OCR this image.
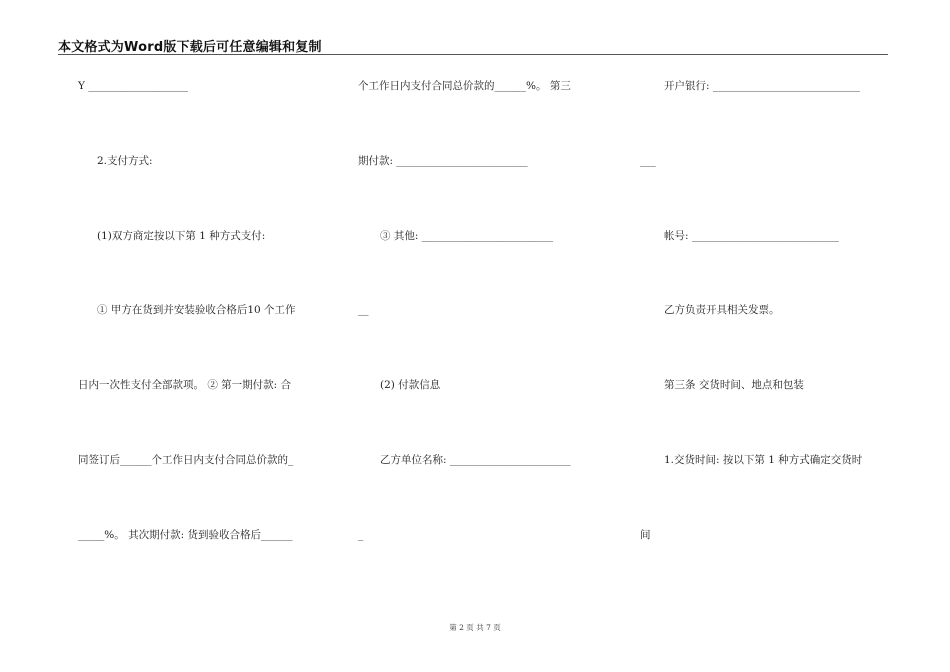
本文格式为Word版下载后可任意编辑和复制
Y ___________________
2.支付方式:
(1)双方商定按以下第 1 种方式支付:
① 甲方在货到并安装验收合格后10 个工作
日内一次性支付全部款项。 ② 第一期付款: 合
同签订后______个工作日内支付合同总价款的_
_____%。 其次期付款: 货到验收合格后______
个工作日内支付合同总价款的______%。 第三
期付款: _________________________
③ 其他: _________________________
__
(2) 付款信息
乙方单位名称: _______________________
_
开户银行: ____________________________
___
帐号: ____________________________
乙方负责开具相关发票。
第三条 交货时间、地点和包装
1.交货时间: 按以下第 1 种方式确定交货时
间
第 2 页 共 7 页
